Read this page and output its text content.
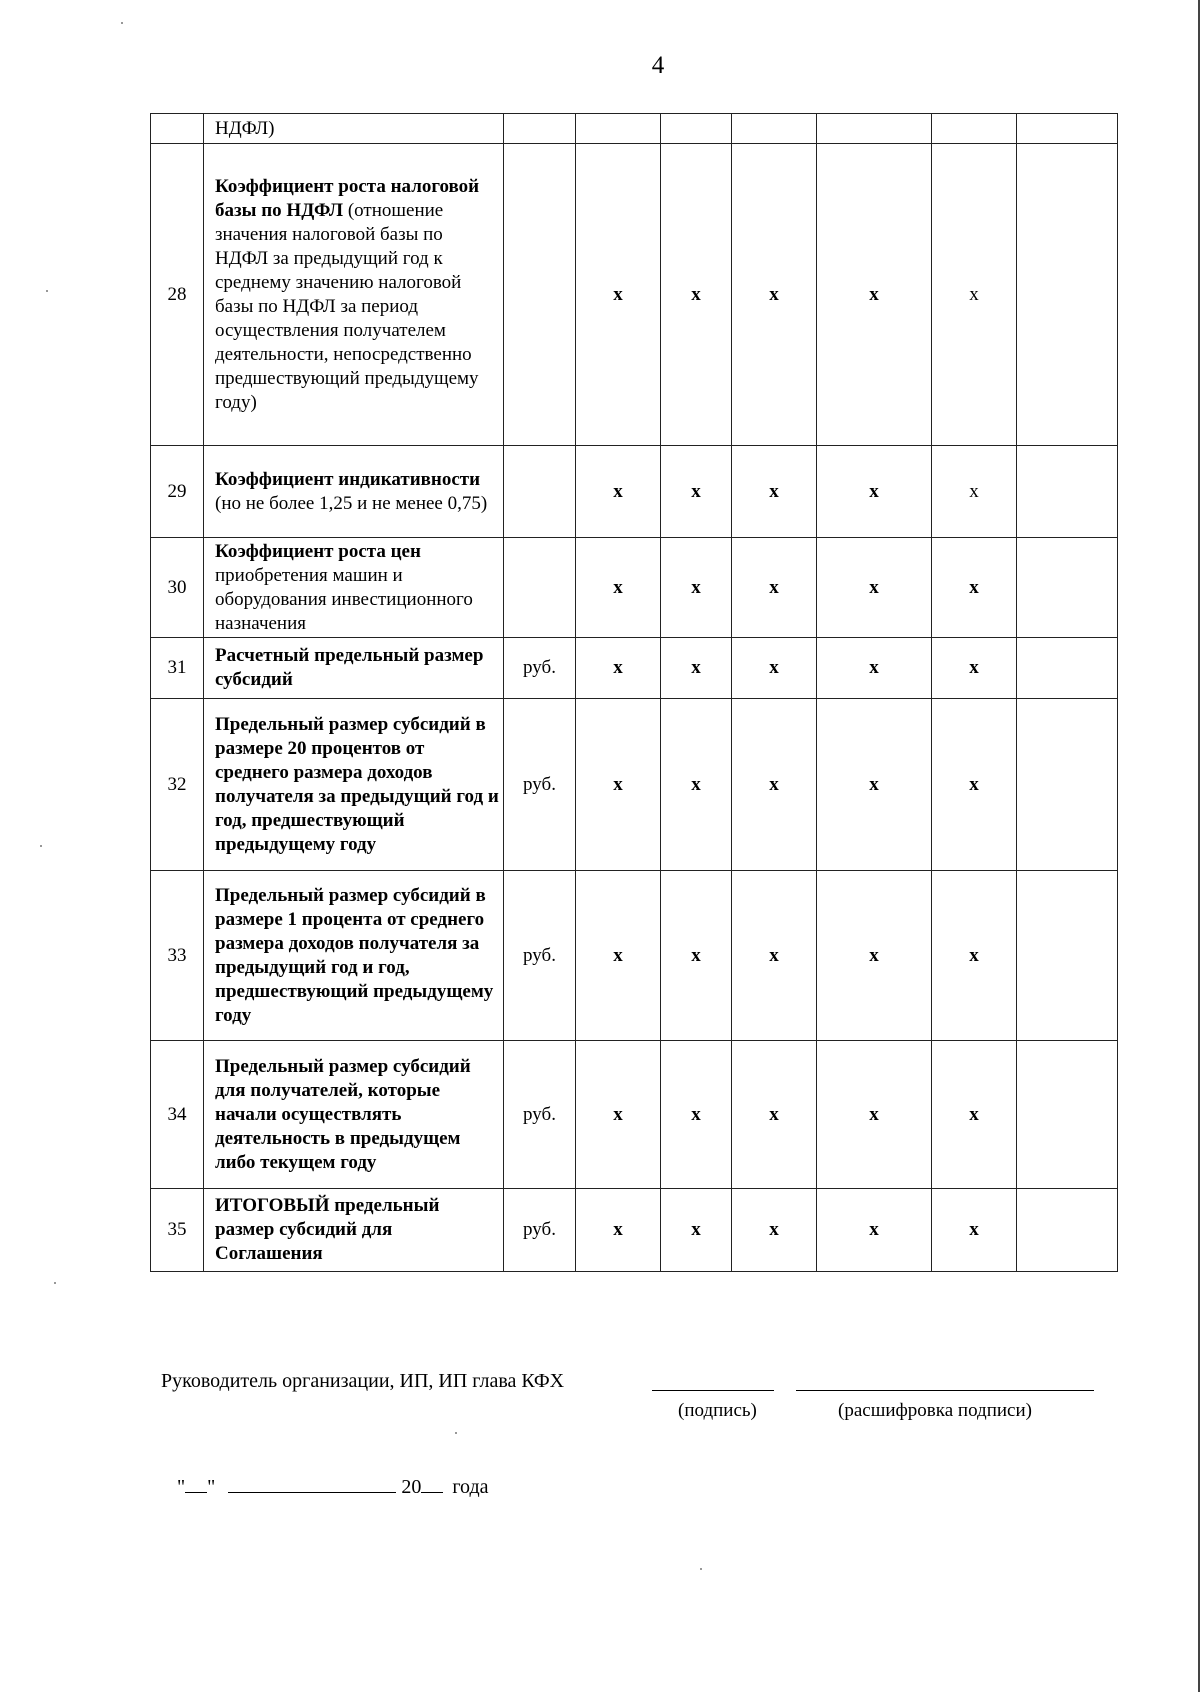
4
	НДФЛ)							
28	Коэффициент роста налоговой базы по НДФЛ (отношение значения налоговой базы по НДФЛ за предыдущий год к среднему значению налоговой базы по НДФЛ за период осуществления получателем деятельности, непосредственно предшествующий предыдущему году)		x	x	x	x	x	
29	Коэффициент индикативности (но не более 1,25 и не менее 0,75)		x	x	x	x	x	
30	Коэффициент роста цен приобретения машин и оборудования инвестиционного назначения		x	x	x	x	x	
31	Расчетный предельный размер субсидий	руб.	x	x	x	x	x	
32	Предельный размер субсидий в размере 20 процентов от среднего размера доходов получателя за предыдущий год и год, предшествующий предыдущему году	руб.	x	x	x	x	x	
33	Предельный размер субсидий в размере 1 процента от среднего размера доходов получателя за предыдущий год и год, предшествующий предыдущему году	руб.	x	x	x	x	x	
34	Предельный размер субсидий для получателей, которые начали осуществлять деятельность в предыдущем либо текущем году	руб.	x	x	x	x	x	
35	ИТОГОВЫЙ предельный размер субсидий для Соглашения	руб.	x	x	x	x	x	
Руководитель организации, ИП, ИП глава КФХ
(подпись)	(расшифровка подписи)
" "	20 года
